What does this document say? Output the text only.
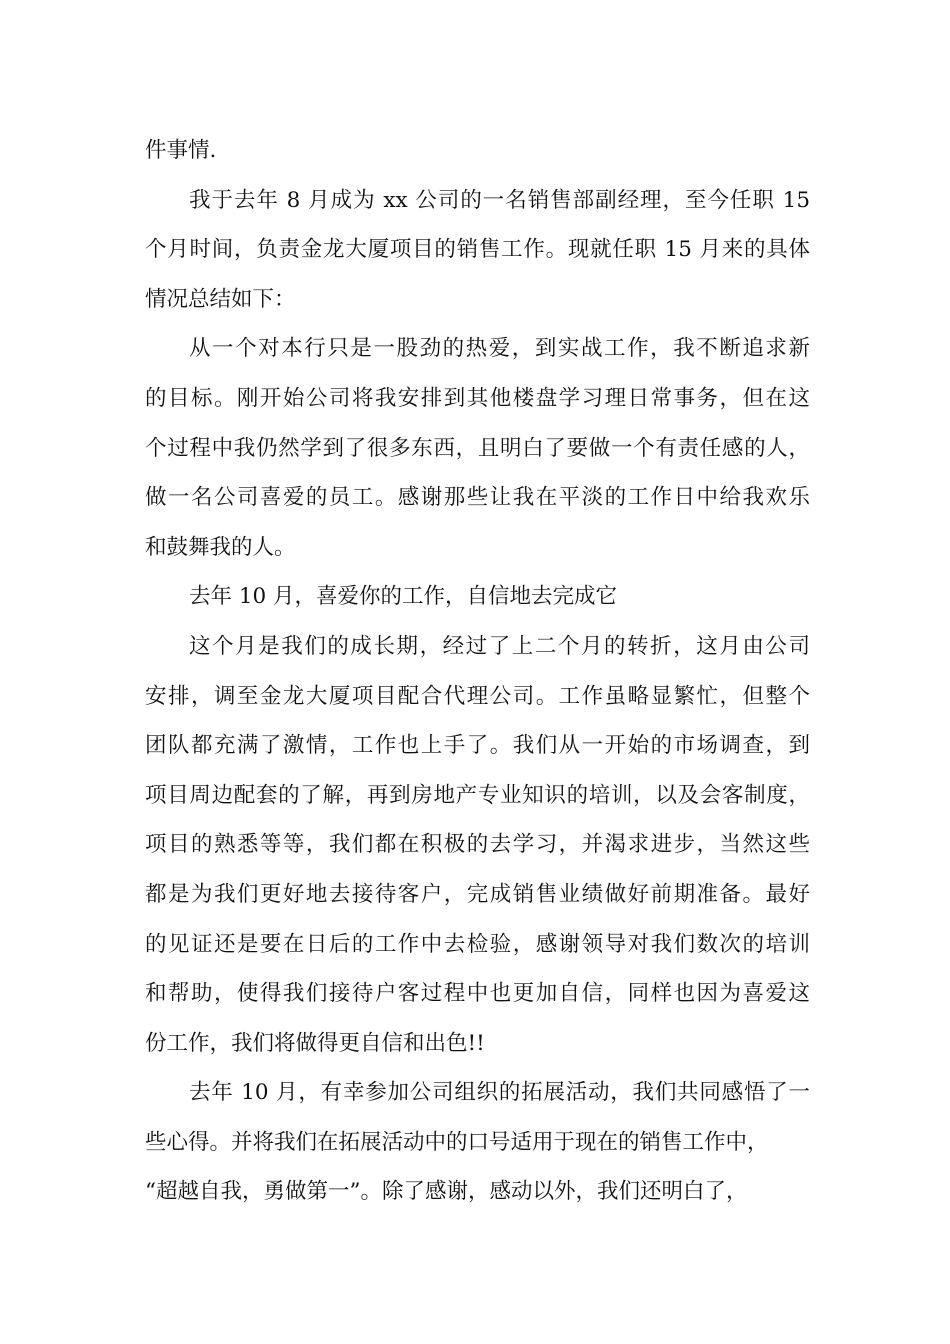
件事情.
我于去年 8 月成为 xx 公司的一名销售部副经理，至今任职 15
个月时间，负责金龙大厦项目的销售工作。现就任职 15 月来的具体
情况总结如下：
从一个对本行只是一股劲的热爱，到实战工作，我不断追求新
的目标。刚开始公司将我安排到其他楼盘学习理日常事务，但在这
个过程中我仍然学到了很多东西，且明白了要做一个有责任感的人，
做一名公司喜爱的员工。感谢那些让我在平淡的工作日中给我欢乐
和鼓舞我的人。
去年 10 月，喜爱你的工作，自信地去完成它
这个月是我们的成长期，经过了上二个月的转折，这月由公司
安排，调至金龙大厦项目配合代理公司。工作虽略显繁忙，但整个
团队都充满了激情，工作也上手了。我们从一开始的市场调查，到
项目周边配套的了解，再到房地产专业知识的培训，以及会客制度，
项目的熟悉等等，我们都在积极的去学习，并渴求进步，当然这些
都是为我们更好地去接待客户，完成销售业绩做好前期准备。最好
的见证还是要在日后的工作中去检验，感谢领导对我们数次的培训
和帮助，使得我们接待户客过程中也更加自信，同样也因为喜爱这
份工作，我们将做得更自信和出色!!
去年 10 月，有幸参加公司组织的拓展活动，我们共同感悟了一
些心得。并将我们在拓展活动中的口号适用于现在的销售工作中，
“超越自我，勇做第一”。除了感谢，感动以外，我们还明白了，
